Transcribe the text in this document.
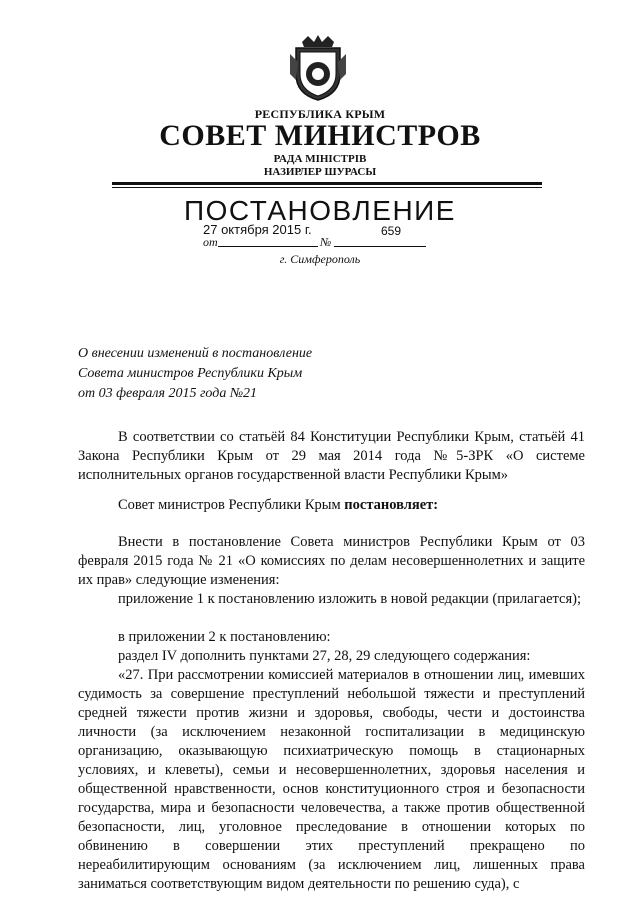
РЕСПУБЛИКА КРЫМ
СОВЕТ МИНИСТРОВ
РАДА МІНІСТРІВ
НАЗИРЛЕР ШУРАСЫ
ПОСТАНОВЛЕНИЕ
27 октября 2015 г.	659
от	№
г. Симферополь
О внесении изменений в постановление
Совета министров Республики Крым
от 03 февраля 2015 года №21
В соответствии со статьёй 84 Конституции Республики Крым, статьёй 41 Закона Республики Крым от 29 мая 2014 года №5-ЗРК «О системе исполнительных органов государственной власти Республики Крым»
Совет министров Республики Крым постановляет:
Внести в постановление Совета министров Республики Крым от 03 февраля 2015 года № 21 «О комиссиях по делам несовершеннолетних и защите их прав» следующие изменения:
приложение 1 к постановлению изложить в новой редакции (прилагается);
в приложении 2 к постановлению:
раздел IV дополнить пунктами 27, 28, 29 следующего содержания:
«27. При рассмотрении комиссией материалов в отношении лиц, имевших судимость за совершение преступлений небольшой тяжести и преступлений средней тяжести против жизни и здоровья, свободы, чести и достоинства личности (за исключением незаконной госпитализации в медицинскую организацию, оказывающую психиатрическую помощь в стационарных условиях, и клеветы), семьи и несовершеннолетних, здоровья населения и общественной нравственности, основ конституционного строя и безопасности государства, мира и безопасности человечества, а также против общественной безопасности, лиц, уголовное преследование в отношении которых по обвинению в совершении этих преступлений прекращено по нереабилитирующим основаниям (за исключением лиц, лишенных права заниматься соответствующим видом деятельности по решению суда), с
